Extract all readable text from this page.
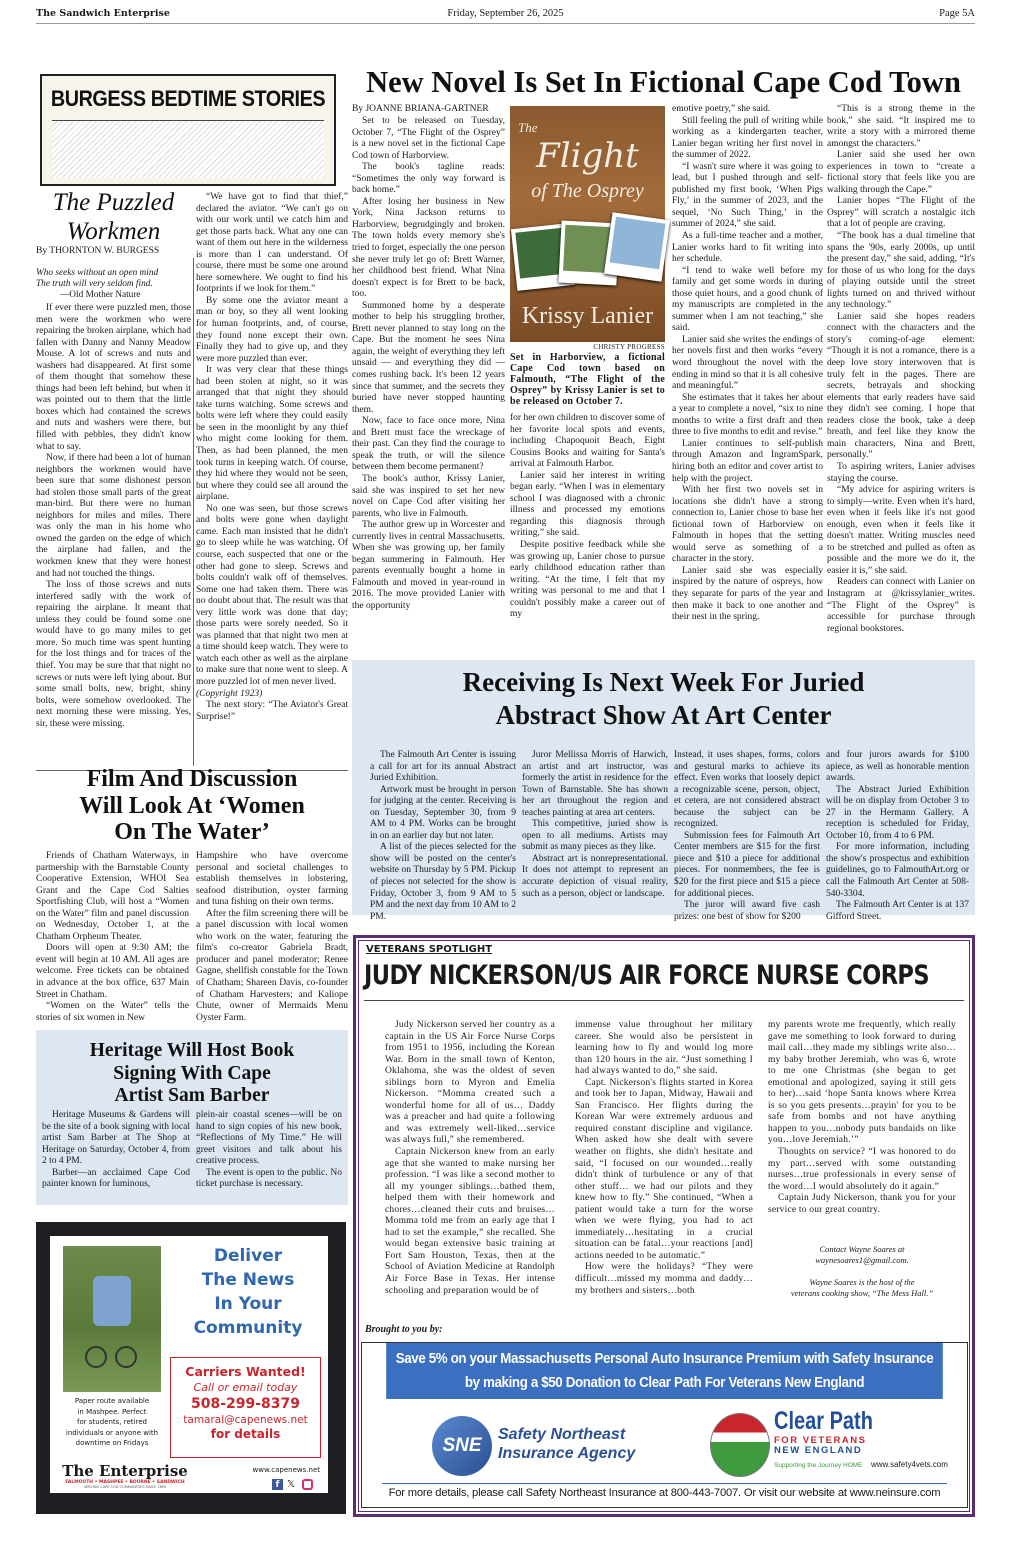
The Sandwich Enterprise	Friday, September 26, 2025	Page 5A
BURGESS BEDTIME STORIES
The Puzzled
Workmen
By THORNTON W. BURGESS
Who seeks without an open mind
The truth will very seldom find.
—Old Mother Nature

If ever there were puzzled men, those men were the workmen who were repairing the broken airplane, which had fallen with Danny and Nanny Meadow Mouse. A lot of screws and nuts and washers had disappeared. At first some of them thought that somehow these things had been left behind, but when it was pointed out to them that the little boxes which had contained the screws and nuts and washers were there, but filled with pebbles, they didn't know what to say.

Now, if there had been a lot of human neighbors the workmen would have been sure that some dishonest person had stolen those small parts of the great man-bird. But there were no human neighbors for miles and miles. There was only the man in his home who owned the garden on the edge of which the airplane had fallen, and the workmen knew that they were honest and had not touched the things.

The loss of those screws and nuts interfered sadly with the work of repairing the airplane. It meant that unless they could be found some one would have to go many miles to get more. So much time was spent hunting for the lost things and for traces of the thief. You may be sure that that night no screws or nuts were left lying about. But some small bolts, new, bright, shiny bolts, were somehow overlooked. The next morning these were missing. Yes, sir, these were missing.

“We have got to find that thief,” declared the aviator. “We can't go on with our work until we catch him and get those parts back. What any one can want of them out here in the wilderness is more than I can understand. Of course, there must be some one around here somewhere. We ought to find his footprints if we look for them.”

By some one the aviator meant a man or boy, so they all went looking for human footprints, and, of course, they found none except their own. Finally they had to give up, and they were more puzzled than ever.

It was very clear that these things had been stolen at night, so it was arranged that that night they should take turns watching. Some screws and bolts were left where they could easily be seen in the moonlight by any thief who might come looking for them. Then, as had been planned, the men took turns in keeping watch. Of course, they hid where they would not be seen, but where they could see all around the airplane.

No one was seen, but those screws and bolts were gone when daylight came. Each man insisted that he didn't go to sleep while he was watching. Of course, each suspected that one or the other had gone to sleep. Screws and bolts couldn't walk off of themselves. Some one had taken them. There was no doubt about that. The result was that very little work was done that day; those parts were sorely needed. So it was planned that that night two men at a time should keep watch. They were to watch each other as well as the airplane to make sure that none went to sleep. A more puzzled lot of men never lived.

(Copyright 1923)

The next story: “The Aviator's Great Surprise!”

New Novel Is Set In Fictional Cape Cod Town
By JOANNE BRIANA-GARTNER

Set to be released on Tuesday, October 7, “The Flight of the Osprey” is a new novel set in the fictional Cape Cod town of Harborview.

The book's tagline reads: “Sometimes the only way forward is back home.”

After losing her business in New York, Nina Jackson returns to Harborview, begrudgingly and broken. The town holds every memory she's tried to forget, especially the one person she never truly let go of: Brett Warner, her childhood best friend. What Nina doesn't expect is for Brett to be back, too.

Summoned home by a desperate mother to help his struggling brother, Brett never planned to stay long on the Cape. But the moment he sees Nina again, the weight of everything they left unsaid — and everything they did — comes rushing back. It's been 12 years since that summer, and the secrets they buried have never stopped haunting them.

Now, face to face once more, Nina and Brett must face the wreckage of their past. Can they find the courage to speak the truth, or will the silence between them become permanent?

The book's author, Krissy Lanier, said she was inspired to set her new novel on Cape Cod after visiting her parents, who live in Falmouth.

The author grew up in Worcester and currently lives in central Massachusetts. When she was growing up, her family began summering in Falmouth. Her parents eventually bought a home in Falmouth and moved in year-round in 2016. The move provided Lanier with the opportunity

The
Flight
of The Osprey
Krissy Lanier
CHRISTY PROGRESS
Set in Harborview, a fictional Cape Cod town based on Falmouth, “The Flight of the Osprey” by Krissy Lanier is set to be released on October 7.

for her own children to discover some of her favorite local spots and events, including Chapoquoit Beach, Eight Cousins Books and waiting for Santa's arrival at Falmouth Harbor.

Lanier said her interest in writing began early. “When I was in elementary school I was diagnosed with a chronic illness and processed my emotions regarding this diagnosis through writing,” she said.

Despite positive feedback while she was growing up, Lanier chose to pursue early childhood education rather than writing. “At the time, I felt that my writing was personal to me and that I couldn't possibly make a career out of my

emotive poetry,” she said.

Still feeling the pull of writing while working as a kindergarten teacher, Lanier began writing her first novel in the summer of 2022.

“I wasn't sure where it was going to lead, but I pushed through and self-published my first book, ‘When Pigs Fly,’ in the summer of 2023, and the sequel, ‘No Such Thing,’ in the summer of 2024,” she said.

As a full-time teacher and a mother, Lanier works hard to fit writing into her schedule.

“I tend to wake well before my family and get some words in during those quiet hours, and a good chunk of my manuscripts are completed in the summer when I am not teaching,” she said.

Lanier said she writes the endings of her novels first and then works “every word throughout the novel with the ending in mind so that it is all cohesive and meaningful.”

She estimates that it takes her about a year to complete a novel, “six to nine months to write a first draft and then three to five months to edit and revise.”

Lanier continues to self-publish through Amazon and IngramSpark, hiring both an editor and cover artist to help with the project.

With her first two novels set in locations she didn't have a strong connection to, Lanier chose to base her fictional town of Harborview on Falmouth in hopes that the setting would serve as something of a character in the story.

Lanier said she was especially inspired by the nature of ospreys, how they separate for parts of the year and then make it back to one another and their nest in the spring.

“This is a strong theme in the book,” she said. “It inspired me to write a story with a mirrored theme amongst the characters.”

Lanier said she used her own experiences in town to “create a fictional story that feels like you are walking through the Cape.”

Lanier hopes “The Flight of the Osprey” will scratch a nostalgic itch that a lot of people are craving.

“The book has a dual timeline that spans the '90s, early 2000s, up until the present day,” she said, adding, “It's for those of us who long for the days of playing outside until the street lights turned on and thrived without any technology.”

Lanier said she hopes readers connect with the characters and the story's coming-of-age element: “Though it is not a romance, there is a deep love story interwoven that is truly felt in the pages. There are secrets, betrayals and shocking elements that early readers have said they didn't see coming. I hope that readers close the book, take a deep breath, and feel like they know the main characters, Nina and Brett, personally.”

To aspiring writers, Lanier advises staying the course.

“My advice for aspiring writers is to simply—write. Even when it's hard, even when it feels like it's not good enough, even when it feels like it doesn't matter. Writing muscles need to be stretched and pulled as often as possible and the more we do it, the easier it is,” she said.

Readers can connect with Lanier on Instagram at @krissylanier_writes. “The Flight of the Osprey” is accessible for purchase through regional bookstores.

Receiving Is Next Week For Juried
Abstract Show At Art Center

The Falmouth Art Center is issuing a call for art for its annual Abstract Juried Exhibition.

Artwork must be brought in person for judging at the center. Receiving is on Tuesday, September 30, from 9 AM to 4 PM. Works can be brought in on an earlier day but not later.

A list of the pieces selected for the show will be posted on the center's website on Thursday by 5 PM. Pickup of pieces not selected for the show is Friday, October 3, from 9 AM to 5 PM and the next day from 10 AM to 2 PM.

Juror Mellissa Morris of Harwich, an artist and art instructor, was formerly the artist in residence for the Town of Barnstable. She has shown her art throughout the region and teaches painting at area art centers.

This competitive, juried show is open to all mediums. Artists may submit as many pieces as they like.

Abstract art is nonrepresentational. It does not attempt to represent an accurate depiction of visual reality, such as a person, object or landscape.

Instead, it uses shapes, forms, colors and gestural marks to achieve its effect. Even works that loosely depict a recognizable scene, person, object, et cetera, are not considered abstract because the subject can be recognized.

Submission fees for Falmouth Art Center members are $15 for the first piece and $10 a piece for additional pieces. For nonmembers, the fee is $20 for the first piece and $15 a piece for additional pieces.

The juror will award five cash prizes: one best of show for $200

and four jurors awards for $100 apiece, as well as honorable mention awards.

The Abstract Juried Exhibition will be on display from October 3 to 27 in the Hermann Gallery. A reception is scheduled for Friday, October 10, from 4 to 6 PM.

For more information, including the show's prospectus and exhibition guidelines, go to FalmouthArt.org or call the Falmouth Art Center at 508-540-3304.

The Falmouth Art Center is at 137 Gifford Street.

Film And Discussion
Will Look At ‘Women
On The Water’

Friends of Chatham Waterways, in partnership with the Barnstable County Cooperative Extension, WHOI Sea Grant and the Cape Cod Salties Sportfishing Club, will host a “Women on the Water” film and panel discussion on Wednesday, October 1, at the Chatham Orpheum Theater.

Doors will open at 9:30 AM; the event will begin at 10 AM. All ages are welcome. Free tickets can be obtained in advance at the box office, 637 Main Street in Chatham.

“Women on the Water” tells the stories of six women in New

Hampshire who have overcome personal and societal challenges to establish themselves in lobstering, seafood distribution, oyster farming and tuna fishing on their own terms.

After the film screening there will be a panel discussion with local women who work on the water, featuring the film's co-creator Gabriela Bradt, producer and panel moderator; Renee Gagne, shellfish constable for the Town of Chatham; Shareen Davis, co-founder of Chatham Harvesters; and Kaliope Chute, owner of Mermaids Menu Oyster Farm.

Heritage Will Host Book
Signing With Cape
Artist Sam Barber

Heritage Museums & Gardens will be the site of a book signing with local artist Sam Barber at The Shop at Heritage on Saturday, October 4, from 2 to 4 PM.

Barber—an acclaimed Cape Cod painter known for luminous,

plein-air coastal scenes—will be on hand to sign copies of his new book, “Reflections of My Time.” He will greet visitors and talk about his creative process.

The event is open to the public. No ticket purchase is necessary.

Deliver
The News
In Your
Community
Carriers Wanted!
Call or email today
508-299-8379
tamaral@capenews.net
for details
Paper route available
in Mashpee. Perfect
for students, retired
individuals or anyone with
downtime on Fridays
The Enterprise
FALMOUTH • MASHPEE • BOURNE • SANDWICH
SERVING CAPE COD COMMUNITIES SINCE 1895
www.capenews.net
f 𝕏
VETERANS SPOTLIGHT
JUDY NICKERSON/US AIR FORCE NURSE CORPS

Judy Nickerson served her country as a captain in the US Air Force Nurse Corps from 1951 to 1956, including the Korean War. Born in the small town of Kenton, Oklahoma, she was the oldest of seven siblings born to Myron and Emelia Nickerson. “Momma created such a wonderful home for all of us… Daddy was a preacher and had quite a following and was extremely well-liked…service was always full,” she remembered.

Captain Nickerson knew from an early age that she wanted to make nursing her profession. “I was like a second mother to all my younger siblings…bathed them, helped them with their homework and chores…cleaned their cuts and bruises…Momma told me from an early age that I had to set the example,” she recalled. She would began extensive basic training at Fort Sam Houston, Texas, then at the School of Aviation Medicine at Randolph Air Force Base in Texas. Her intense schooling and preparation would be of

immense value throughout her military career. She would also be persistent in learning how to fly and would log more than 120 hours in the air. “Just something I had always wanted to do,” she said.

Capt. Nickerson's flights started in Korea and took her to Japan, Midway, Hawaii and San Francisco. Her flights during the Korean War were extremely arduous and required constant discipline and vigilance. When asked how she dealt with severe weather on flights, she didn't hesitate and said, “I focused on our wounded…really didn't think of turbulence or any of that other stuff… we had our pilots and they knew how to fly.” She continued, “When a patient would take a turn for the worse when we were flying, you had to act immediately…hesitating in a crucial situation can be fatal…your reactions [and] actions needed to be automatic.”

How were the holidays? “They were difficult…missed my momma and daddy…my brothers and sisters…both

my parents wrote me frequently, which really gave me something to look forward to during mail call…they made my siblings write also…my baby brother Jeremiah, who was 6, wrote to me one Christmas (she began to get emotional and apologized, saying it still gets to her)…said ‘hope Santa knows where Krrea is so you gets presents…prayin' for you to be safe from bombs and not have anything happen to you…nobody puts bandaids on like you…love Jeremiah.’”

Thoughts on service? “I was honored to do my part…served with some outstanding nurses…true professionals in every sense of the word…I would absolutely do it again.”

Captain Judy Nickerson, thank you for your service to our great country.

Contact Wayne Soares at
waynesoares1@gmail.com.
Wayne Soares is the host of the
veterans cooking show, “The Mess Hall.”
Brought to you by:
Save 5% on your Massachusetts Personal Auto Insurance Premium with Safety Insurance
by making a $50 Donation to Clear Path For Veterans New England
SNE
Safety Northeast
Insurance Agency
Clear Path
FOR VETERANS
NEW ENGLAND
Supporting the Journey HOME www.safety4vets.com
For more details, please call Safety Northeast Insurance at 800-443-7007. Or visit our website at www.neinsure.com
